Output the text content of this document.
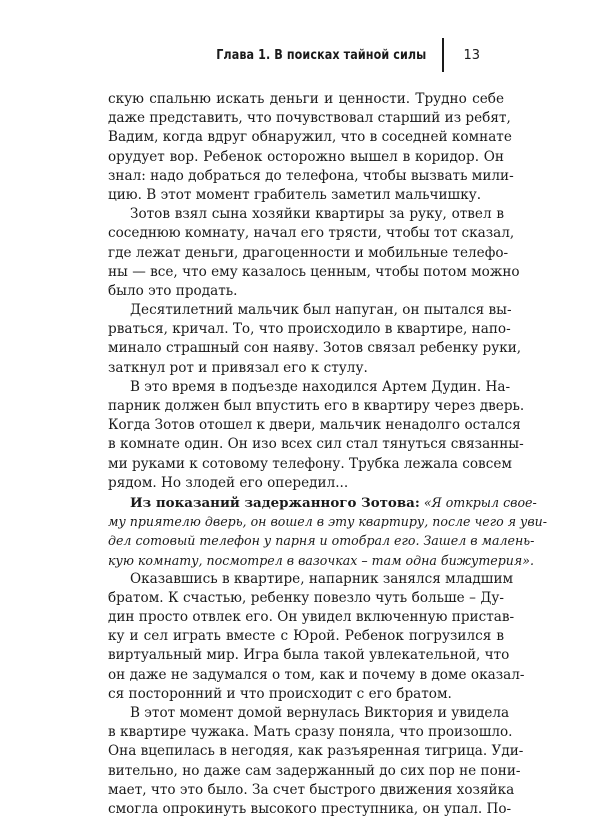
Глава 1. В поисках тайной силы	13
скую спальню искать деньги и ценности. Трудно себе
даже представить, что почувствовал старший из ребят,
Вадим, когда вдруг обнаружил, что в соседней комнате
орудует вор. Ребенок осторожно вышел в коридор. Он
знал: надо добраться до телефона, чтобы вызвать мили-
цию. В этот момент грабитель заметил мальчишку.
Зотов взял сына хозяйки квартиры за руку, отвел в
соседнюю комнату, начал его трясти, чтобы тот сказал,
где лежат деньги, драгоценности и мобильные телефо-
ны — все, что ему казалось ценным, чтобы потом можно
было это продать.
Десятилетний мальчик был напуган, он пытался вы-
рваться, кричал. То, что происходило в квартире, напо-
минало страшный сон наяву. Зотов связал ребенку руки,
заткнул рот и привязал его к стулу.
В это время в подъезде находился Артем Дудин. На-
парник должен был впустить его в квартиру через дверь.
Когда Зотов отошел к двери, мальчик ненадолго остался
в комнате один. Он изо всех сил стал тянуться связанны-
ми руками к сотовому телефону. Трубка лежала совсем
рядом. Но злодей его опередил...
Из показаний задержанного Зотова: «Я открыл свое-
му приятелю дверь, он вошел в эту квартиру, после чего я уви-
дел сотовый телефон у парня и отобрал его. Зашел в малень-
кую комнату, посмотрел в вазочках – там одна бижутерия».
Оказавшись в квартире, напарник занялся младшим
братом. К счастью, ребенку повезло чуть больше – Ду-
дин просто отвлек его. Он увидел включенную пристав-
ку и сел играть вместе с Юрой. Ребенок погрузился в
виртуальный мир. Игра была такой увлекательной, что
он даже не задумался о том, как и почему в доме оказал-
ся посторонний и что происходит с его братом.
В этот момент домой вернулась Виктория и увидела
в квартире чужака. Мать сразу поняла, что произошло.
Она вцепилась в негодяя, как разъяренная тигрица. Уди-
вительно, но даже сам задержанный до сих пор не пони-
мает, что это было. За счет быстрого движения хозяйка
смогла опрокинуть высокого преступника, он упал. По-
